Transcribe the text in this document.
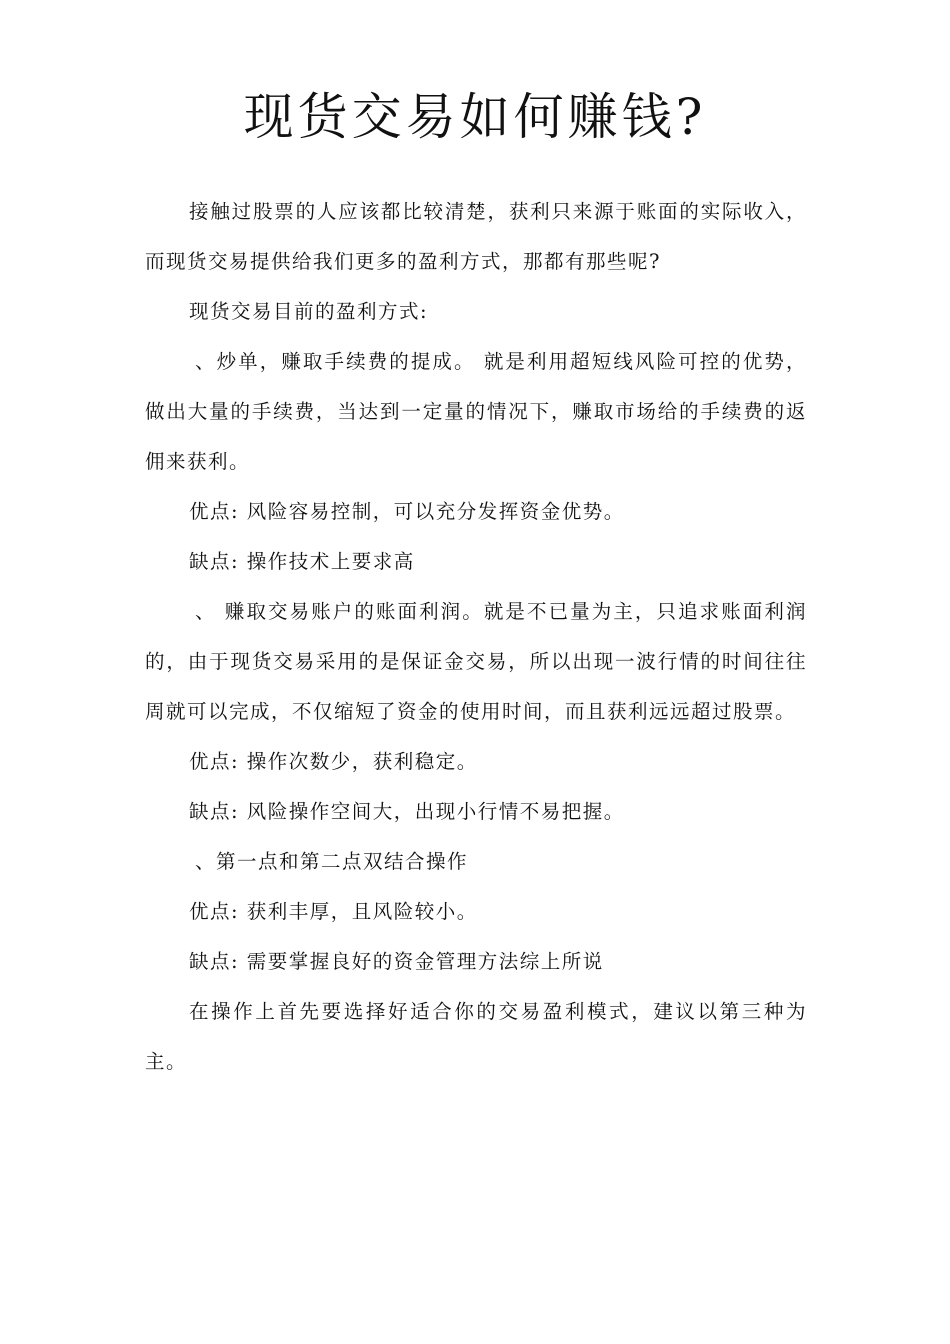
现货交易如何赚钱?

接触过股票的人应该都比较清楚，获利只来源于账面的实际收入，而现货交易提供给我们更多的盈利方式，那都有那些呢?

现货交易目前的盈利方式:

、炒单，赚取手续费的提成。 就是利用超短线风险可控的优势，做出大量的手续费，当达到一定量的情况下，赚取市场给的手续费的返佣来获利。

优点: 风险容易控制，可以充分发挥资金优势。

缺点: 操作技术上要求高

、 赚取交易账户的账面利润。就是不已量为主，只追求账面利润的，由于现货交易采用的是保证金交易，所以出现一波行情的时间往往 周就可以完成，不仅缩短了资金的使用时间，而且获利远远超过股票。

优点: 操作次数少，获利稳定。

缺点: 风险操作空间大，出现小行情不易把握。

、第一点和第二点双结合操作

优点: 获利丰厚，且风险较小。

缺点: 需要掌握良好的资金管理方法综上所说

在操作上首先要选择好适合你的交易盈利模式，建议以第三种为主。
